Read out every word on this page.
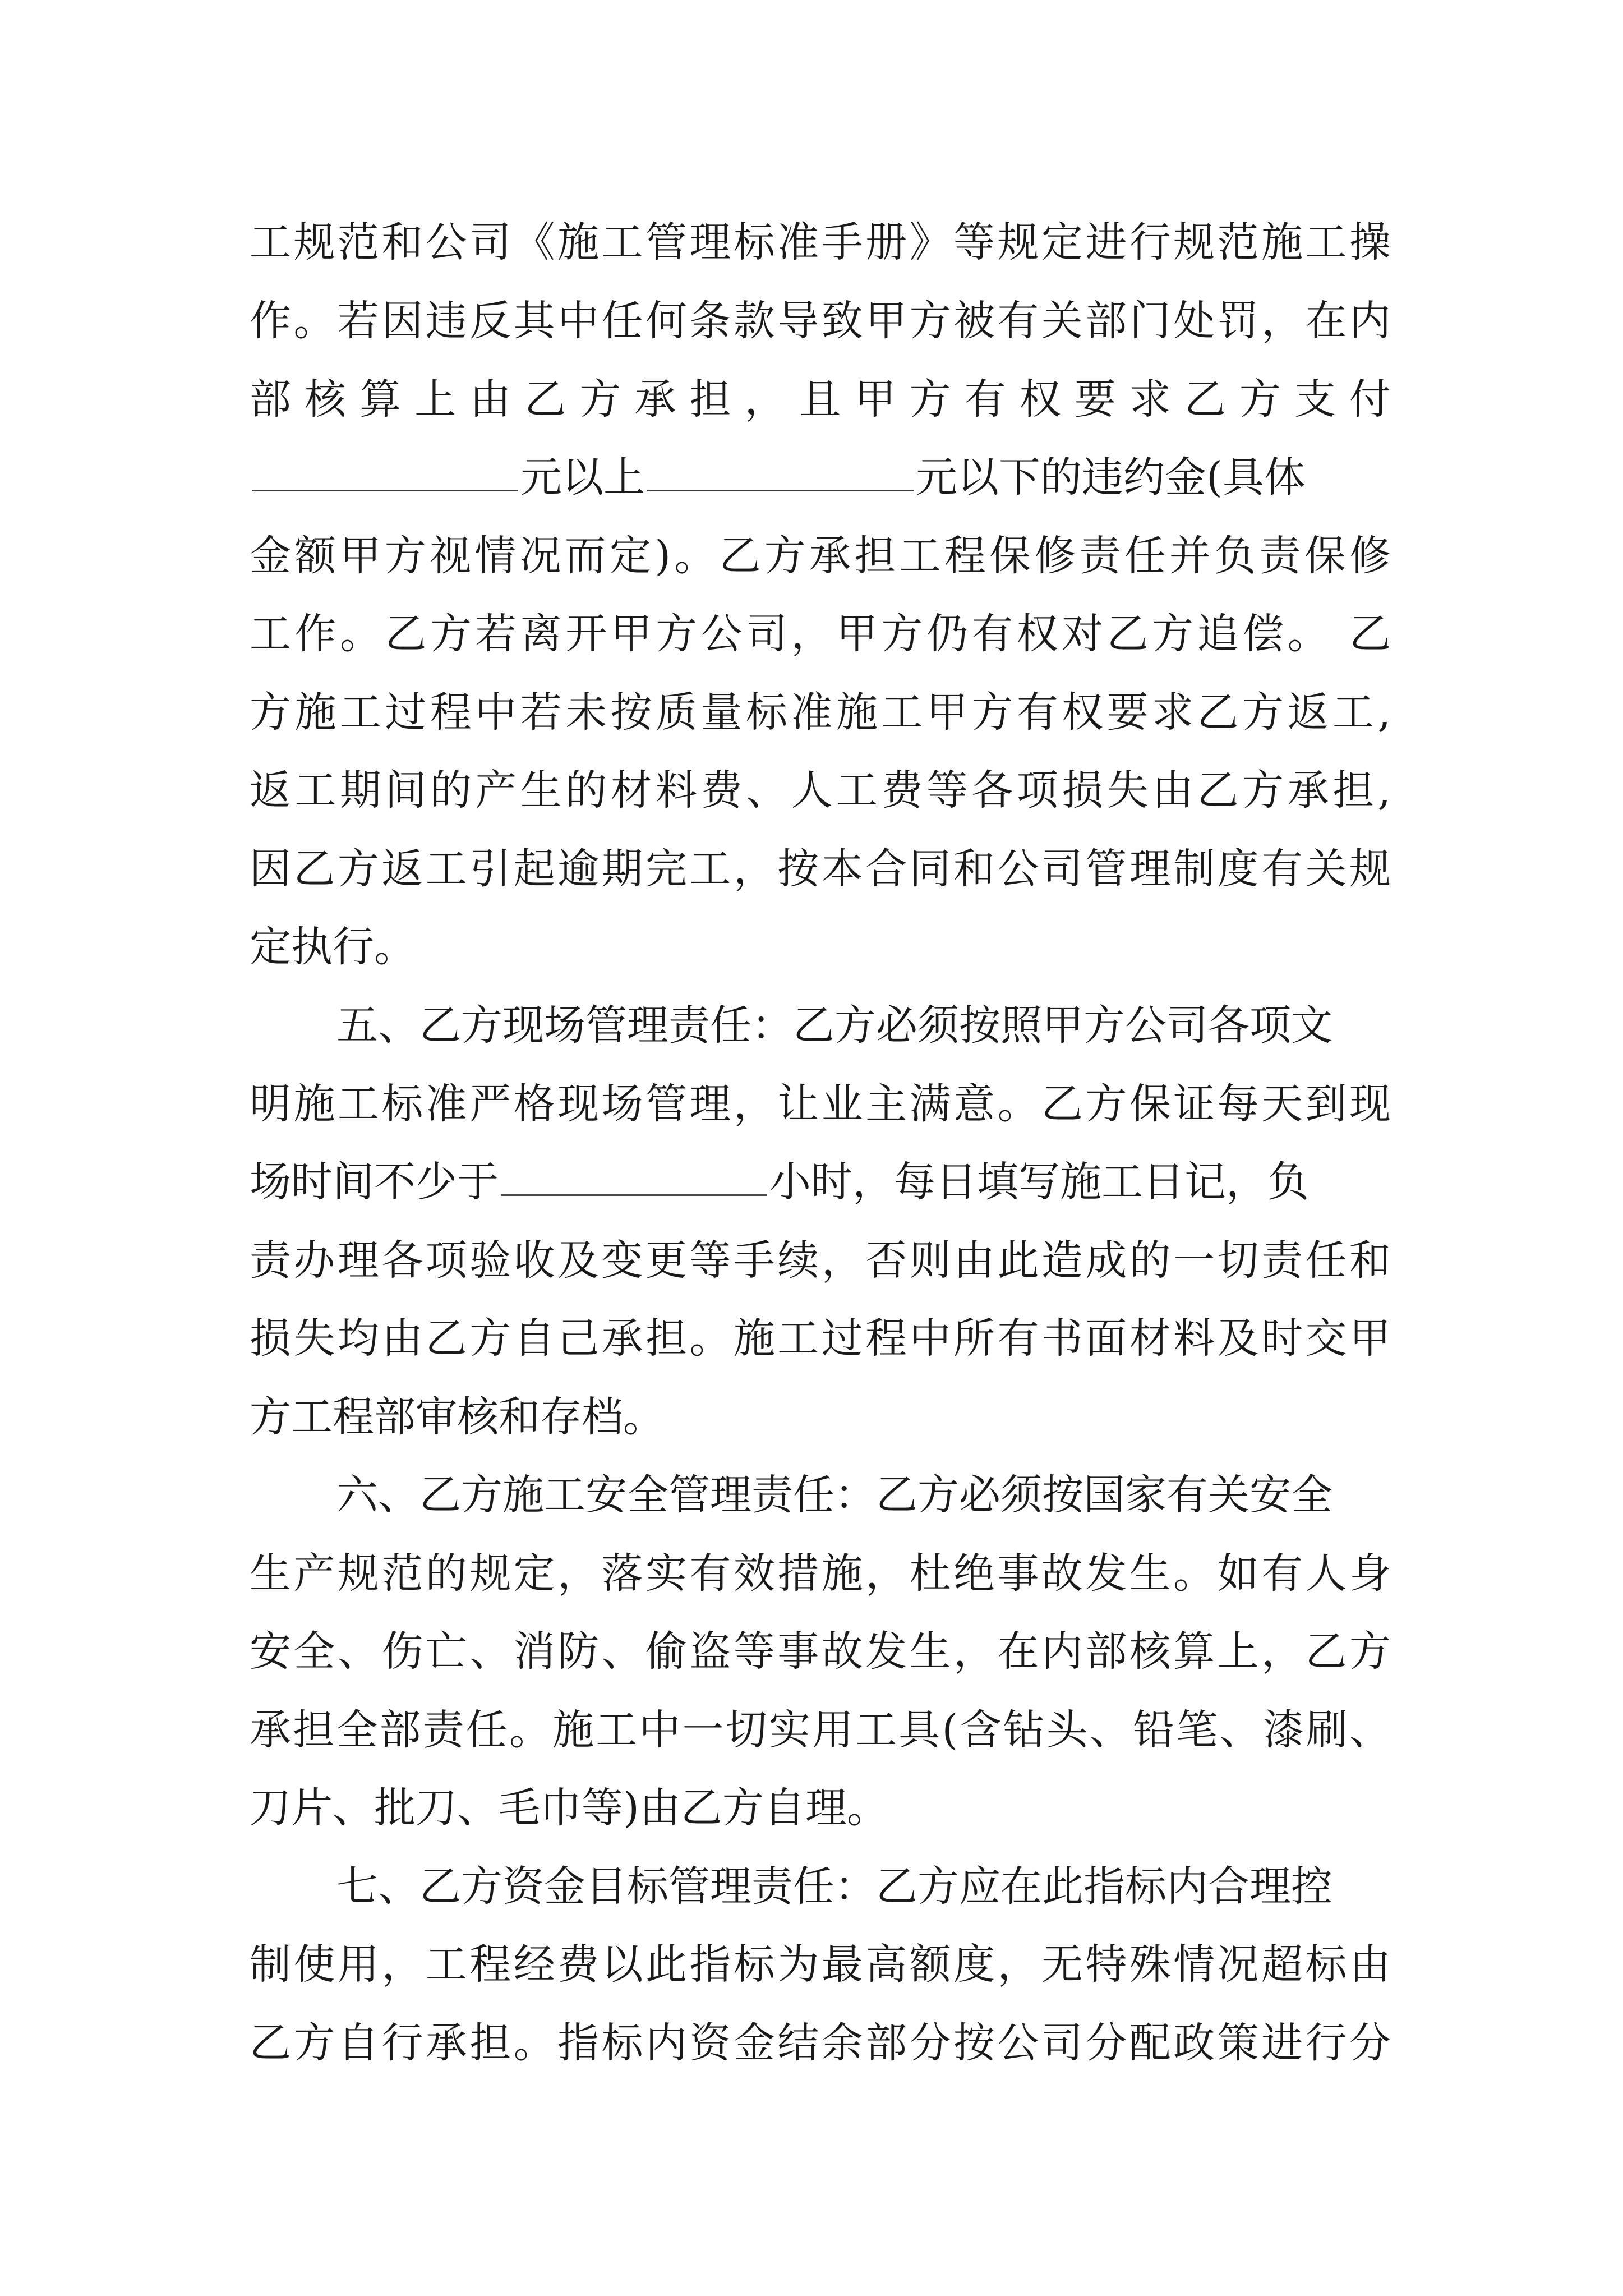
工规范和公司《施工管理标准手册》等规定进行规范施工操
作。若因违反其中任何条款导致甲方被有关部门处罚，在内
部核算上由乙方承担，且甲方有权要求乙方支付
元以上	元以下的违约金(具体
金额甲方视情况而定)。乙方承担工程保修责任并负责保修
工作。乙方若离开甲方公司，甲方仍有权对乙方追偿。 乙
方施工过程中若未按质量标准施工甲方有权要求乙方返工,
返工期间的产生的材料费、人工费等各项损失由乙方承担,
因乙方返工引起逾期完工，按本合同和公司管理制度有关规
定执行。
五、乙方现场管理责任：乙方必须按照甲方公司各项文
明施工标准严格现场管理，让业主满意。乙方保证每天到现
场时间不少于	小时，每日填写施工日记，负
责办理各项验收及变更等手续，否则由此造成的一切责任和
损失均由乙方自己承担。施工过程中所有书面材料及时交甲
方工程部审核和存档。
六、乙方施工安全管理责任：乙方必须按国家有关安全
生产规范的规定，落实有效措施，杜绝事故发生。如有人身
安全、伤亡、消防、偷盗等事故发生，在内部核算上，乙方
承担全部责任。施工中一切实用工具(含钻头、铅笔、漆刷、
刀片、批刀、毛巾等)由乙方自理。
七、乙方资金目标管理责任：乙方应在此指标内合理控
制使用，工程经费以此指标为最高额度，无特殊情况超标由
乙方自行承担。指标内资金结余部分按公司分配政策进行分
